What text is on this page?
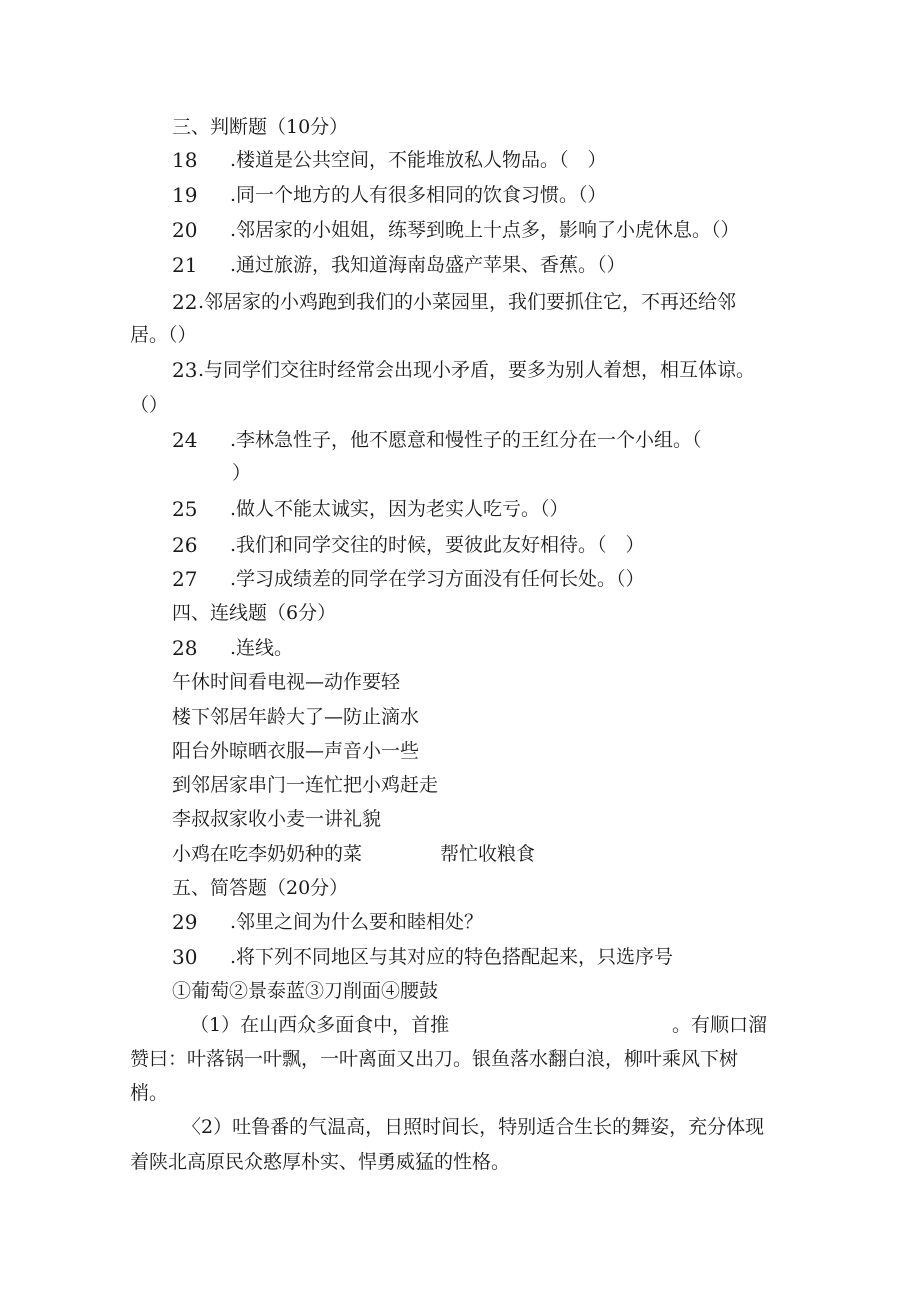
三、判断题（10分）
18 .楼道是公共空间，不能堆放私人物品。（　）
19 .同一个地方的人有很多相同的饮食习惯。（）
20 .邻居家的小姐姐，练琴到晚上十点多，影响了小虎休息。（）
21 .通过旅游，我知道海南岛盛产苹果、香蕉。（）
22 .邻居家的小鸡跑到我们的小菜园里，我们要抓住它，不再还给邻
居。（）
23 .与同学们交往时经常会出现小矛盾，要多为别人着想，相互体谅。
（）
24 .李林急性子，他不愿意和慢性子的王红分在一个小组。（
）
25 .做人不能太诚实，因为老实人吃亏。（）
26 .我们和同学交往的时候，要彼此友好相待。（　）
27 .学习成绩差的同学在学习方面没有任何长处。（）
四、连线题（6分）
28 .连线。
午休时间看电视—动作要轻
楼下邻居年龄大了—防止滴水
阳台外晾晒衣服—声音小一些
到邻居家串门一连忙把小鸡赶走
李叔叔家收小麦一讲礼貌
小鸡在吃李奶奶种的菜	帮忙收粮食
五、简答题（20分）
29 .邻里之间为什么要和睦相处？
30 .将下列不同地区与其对应的特色搭配起来，只选序号
①葡萄②景泰蓝③刀削面④腰鼓
（1）在山西众多面食中，首推	。有顺口溜
赞曰：叶落锅一叶飘，一叶离面又出刀。银鱼落水翻白浪，柳叶乘风下树
梢。
〈2）吐鲁番的气温高，日照时间长，特别适合生长的舞姿，充分体现
着陕北高原民众憨厚朴实、悍勇威猛的性格。
